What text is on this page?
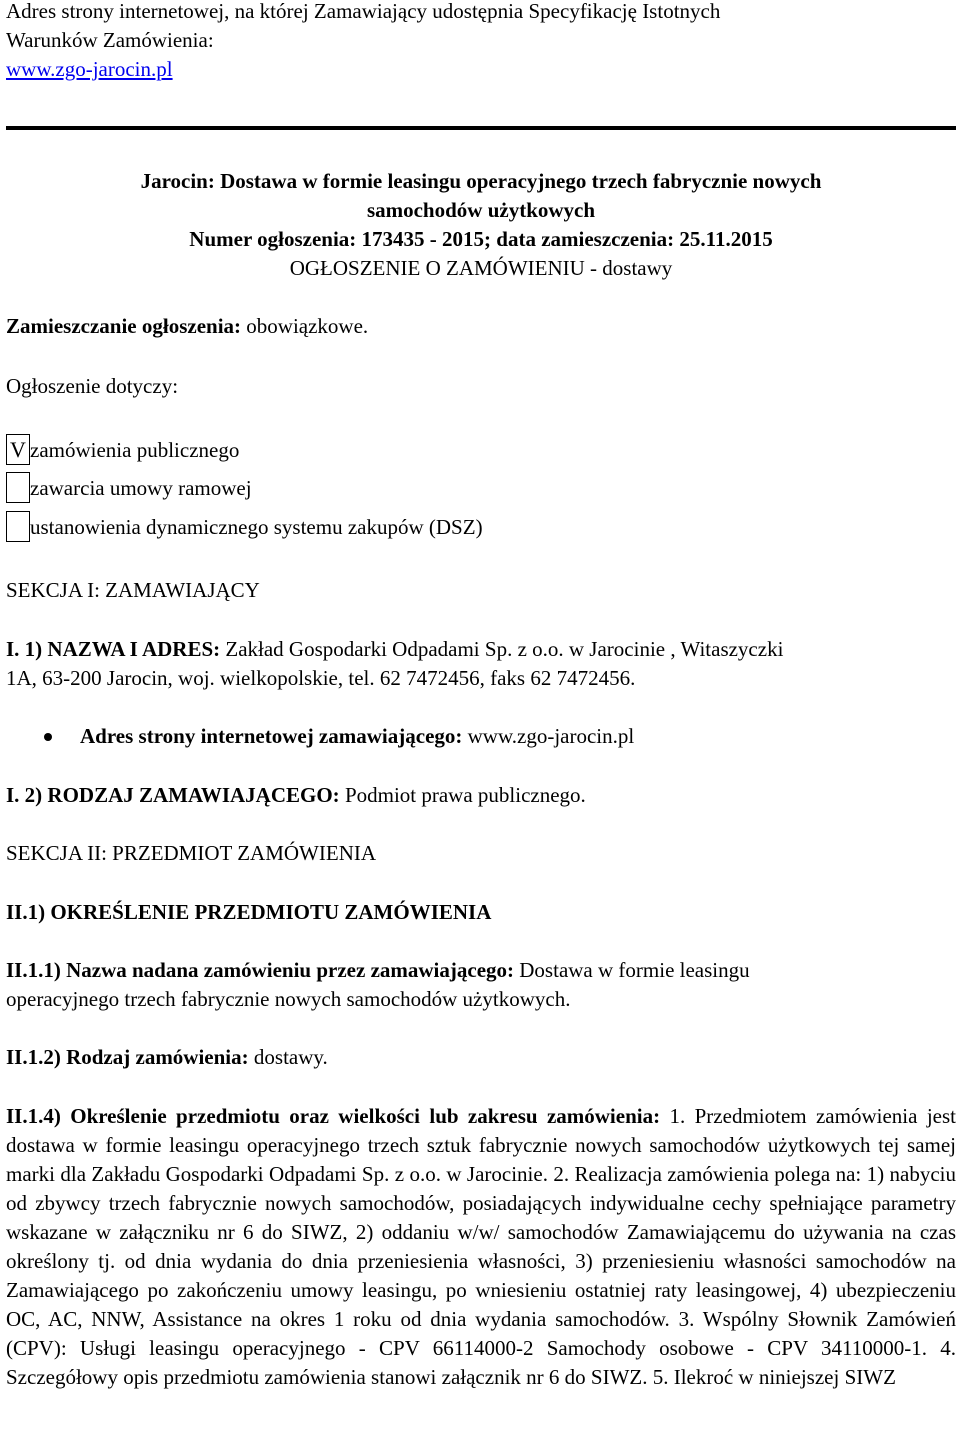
Adres strony internetowej, na której Zamawiający udostępnia Specyfikację Istotnych
Warunków Zamówienia:
www.zgo-jarocin.pl
Jarocin: Dostawa w formie leasingu operacyjnego trzech fabrycznie nowych
samochodów użytkowych
Numer ogłoszenia: 173435 - 2015; data zamieszczenia: 25.11.2015
OGŁOSZENIE O ZAMÓWIENIU - dostawy
Zamieszczanie ogłoszenia: obowiązkowe.
Ogłoszenie dotyczy:
V zamówienia publicznego
zawarcia umowy ramowej
ustanowienia dynamicznego systemu zakupów (DSZ)
SEKCJA I: ZAMAWIAJĄCY
I. 1) NAZWA I ADRES: Zakład Gospodarki Odpadami Sp. z o.o. w Jarocinie , Witaszyczki
1A, 63-200 Jarocin, woj. wielkopolskie, tel. 62 7472456, faks 62 7472456.
Adres strony internetowej zamawiającego: www.zgo-jarocin.pl
I. 2) RODZAJ ZAMAWIAJĄCEGO: Podmiot prawa publicznego.
SEKCJA II: PRZEDMIOT ZAMÓWIENIA
II.1) OKREŚLENIE PRZEDMIOTU ZAMÓWIENIA
II.1.1) Nazwa nadana zamówieniu przez zamawiającego: Dostawa w formie leasingu
operacyjnego trzech fabrycznie nowych samochodów użytkowych.
II.1.2) Rodzaj zamówienia: dostawy.
II.1.4) Określenie przedmiotu oraz wielkości lub zakresu zamówienia: 1. Przedmiotem zamówienia jest dostawa w formie leasingu operacyjnego trzech sztuk fabrycznie nowych samochodów użytkowych tej samej marki dla Zakładu Gospodarki Odpadami Sp. z o.o. w Jarocinie. 2. Realizacja zamówienia polega na: 1) nabyciu od zbywcy trzech fabrycznie nowych samochodów, posiadających indywidualne cechy spełniające parametry wskazane w załączniku nr 6 do SIWZ, 2) oddaniu w/w/ samochodów Zamawiającemu do używania na czas określony tj. od dnia wydania do dnia przeniesienia własności, 3) przeniesieniu własności samochodów na Zamawiającego po zakończeniu umowy leasingu, po wniesieniu ostatniej raty leasingowej, 4) ubezpieczeniu OC, AC, NNW, Assistance na okres 1 roku od dnia wydania samochodów. 3. Wspólny Słownik Zamówień (CPV): Usługi leasingu operacyjnego - CPV 66114000-2 Samochody osobowe - CPV 34110000-1. 4. Szczegółowy opis przedmiotu zamówienia stanowi załącznik nr 6 do SIWZ. 5. Ilekroć w niniejszej SIWZ
